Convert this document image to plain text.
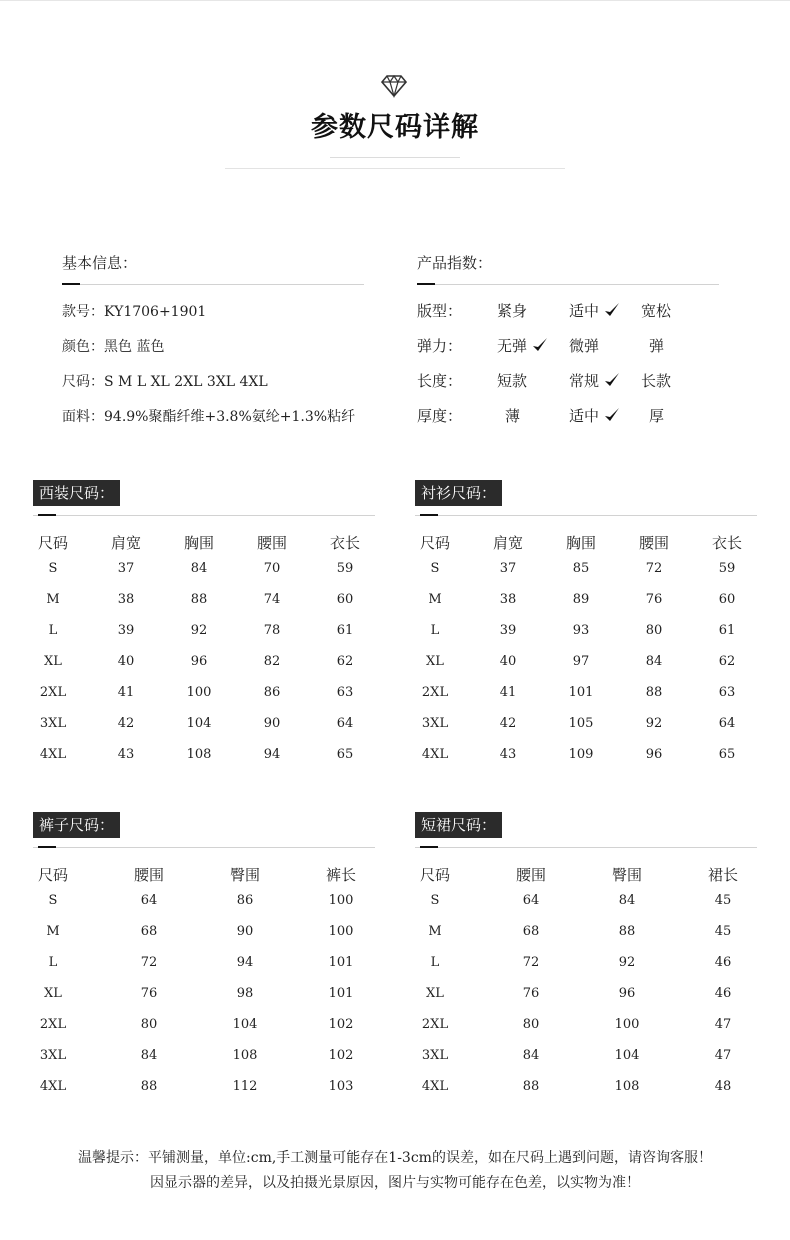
参数尺码详解
基本信息：
款号：KY1706+1901
颜色：黑色 蓝色
尺码：S M L XL 2XL 3XL 4XL
面料：94.9%聚酯纤维+3.8%氨纶+1.3%粘纤
产品指数：
版型： 紧身	适中	宽松
弹力： 无弹	微弹	弹
长度： 短款	常规	长款
厚度：	薄	适中	厚
西装尺码：
尺码	肩宽	胸围	腰围	衣长
S	37	84	70	59
M	38	88	74	60
L	39	92	78	61
XL	40	96	82	62
2XL	41	100	86	63
3XL	42	104	90	64
4XL	43	108	94	65
衬衫尺码：
尺码	肩宽	胸围	腰围	衣长
S	37	85	72	59
M	38	89	76	60
L	39	93	80	61
XL	40	97	84	62
2XL	41	101	88	63
3XL	42	105	92	64
4XL	43	109	96	65
裤子尺码：
尺码	腰围	臀围	裤长
S	64	86	100
M	68	90	100
L	72	94	101
XL	76	98	101
2XL	80	104	102
3XL	84	108	102
4XL	88	112	103
短裙尺码：
尺码	腰围	臀围	裙长
S	64	84	45
M	68	88	45
L	72	92	46
XL	76	96	46
2XL	80	100	47
3XL	84	104	47
4XL	88	108	48
温馨提示：平铺测量，单位:cm,手工测量可能存在1-3cm的误差，如在尺码上遇到问题，请咨询客服！
因显示器的差异，以及拍摄光景原因，图片与实物可能存在色差，以实物为准！
